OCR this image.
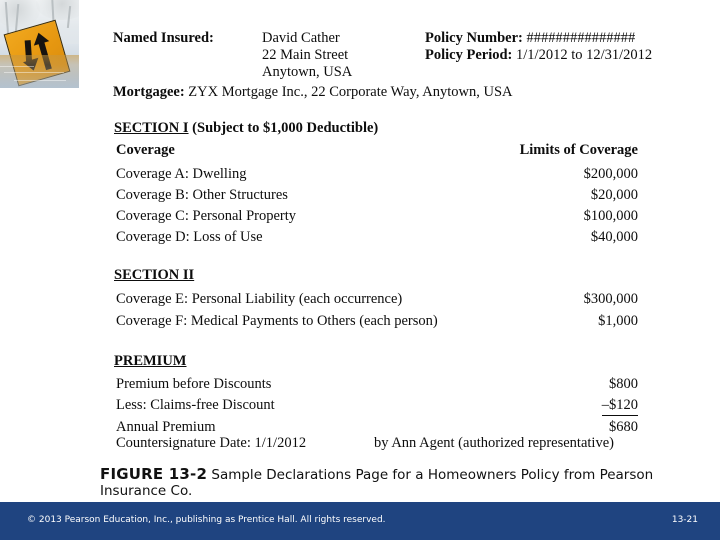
Named Insured:	David Cather
22 Main Street
Anytown, USA
Policy Number: ###############
Policy Period: 1/1/2012 to 12/31/2012
Mortgagee: ZYX Mortgage Inc., 22 Corporate Way, Anytown, USA
SECTION I (Subject to $1,000 Deductible)
Coverage	Limits of Coverage
Coverage A: Dwelling	$200,000
Coverage B: Other Structures	$20,000
Coverage C: Personal Property	$100,000
Coverage D: Loss of Use	$40,000
SECTION II
Coverage E: Personal Liability (each occurrence)	$300,000
Coverage F: Medical Payments to Others (each person)	$1,000
PREMIUM
Premium before Discounts	$800
Less: Claims-free Discount	–$120
Annual Premium	$680
Countersignature Date: 1/1/2012	by Ann Agent (authorized representative)
FIGURE 13-2 Sample Declarations Page for a Homeowners Policy from Pearson Insurance Co.
© 2013 Pearson Education, Inc., publishing as Prentice Hall. All rights reserved.	13-21
